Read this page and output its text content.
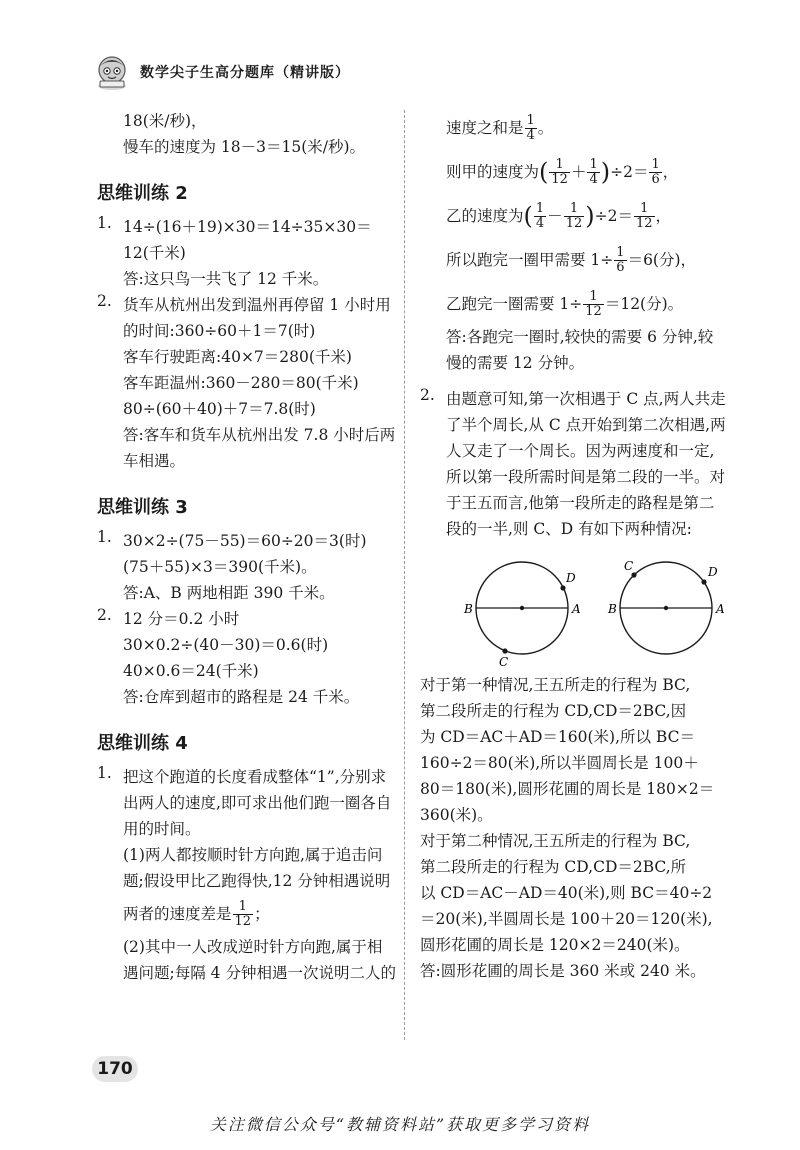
数学尖子生高分题库（精讲版）
18(米/秒)，
慢车的速度为 18－3＝15(米/秒)。
思维训练 2
1. 14÷(16＋19)×30＝14÷35×30＝
12(千米)
答:这只鸟一共飞了 12 千米。
2. 货车从杭州出发到温州再停留 1 小时用
的时间:360÷60＋1＝7(时)
客车行驶距离:40×7＝280(千米)
客车距温州:360－280＝80(千米)
80÷(60＋40)＋7＝7.8(时)
答:客车和货车从杭州出发 7.8 小时后两
车相遇。
思维训练 3
1. 30×2÷(75－55)＝60÷20＝3(时)
(75＋55)×3＝390(千米)。
答:A、B 两地相距 390 千米。
2. 12 分＝0.2 小时
30×0.2÷(40－30)＝0.6(时)
40×0.6＝24(千米)
答:仓库到超市的路程是 24 千米。
思维训练 4
1. 把这个跑道的长度看成整体“1”,分别求
出两人的速度,即可求出他们跑一圈各自
用的时间。
(1)两人都按顺时针方向跑,属于追击问
题;假设甲比乙跑得快,12 分钟相遇说明
两者的速度差是 $\frac{1}{12}$ ；
(2)其中一人改成逆时针方向跑,属于相
遇问题;每隔 4 分钟相遇一次说明二人的
速度之和是 $\frac{1}{4}$ 。
则甲的速度为 ( $\frac{1}{12} + \frac{1}{4}$ ) $\div 2= \frac{1}{6}$ ，
乙的速度为 ( $\frac{1}{4} - \frac{1}{12}$ ) $\div 2= \frac{1}{12}$ ，
所以跑完一圈甲需要 $1\div \frac{1}{6} =6$(分)，
乙跑完一圈需要 $1\div \frac{1}{12} =12$(分)。
答:各跑完一圈时,较快的需要 6 分钟,较
慢的需要 12 分钟。
2. 由题意可知,第一次相遇于 C 点,两人共走
了半个周长,从 C 点开始到第二次相遇,两
人又走了一个周长。因为两速度和一定,
所以第一段所需时间是第二段的一半。对
于王五而言,他第一段所走的路程是第二
段的一半,则 C、D 有如下两种情况:
B	A
D
C
B	A
C	D
对于第一种情况,王五所走的行程为 BC,
第二段所走的行程为 CD,CD＝2BC,因
为 CD＝AC＋AD＝160(米),所以 BC＝
160÷2＝80(米),所以半圆周长是 100＋
80＝180(米),圆形花圃的周长是 180×2＝
360(米)。
对于第二种情况,王五所走的行程为 BC,
第二段所走的行程为 CD,CD＝2BC,所
以 CD＝AC－AD＝40(米),则 BC＝40÷2
＝20(米),半圆周长是 100＋20＝120(米),
圆形花圃的周长是 120×2＝240(米)。
答:圆形花圃的周长是 360 米或 240 米。
170
关注微信公众号“教辅资料站”获取更多学习资料
